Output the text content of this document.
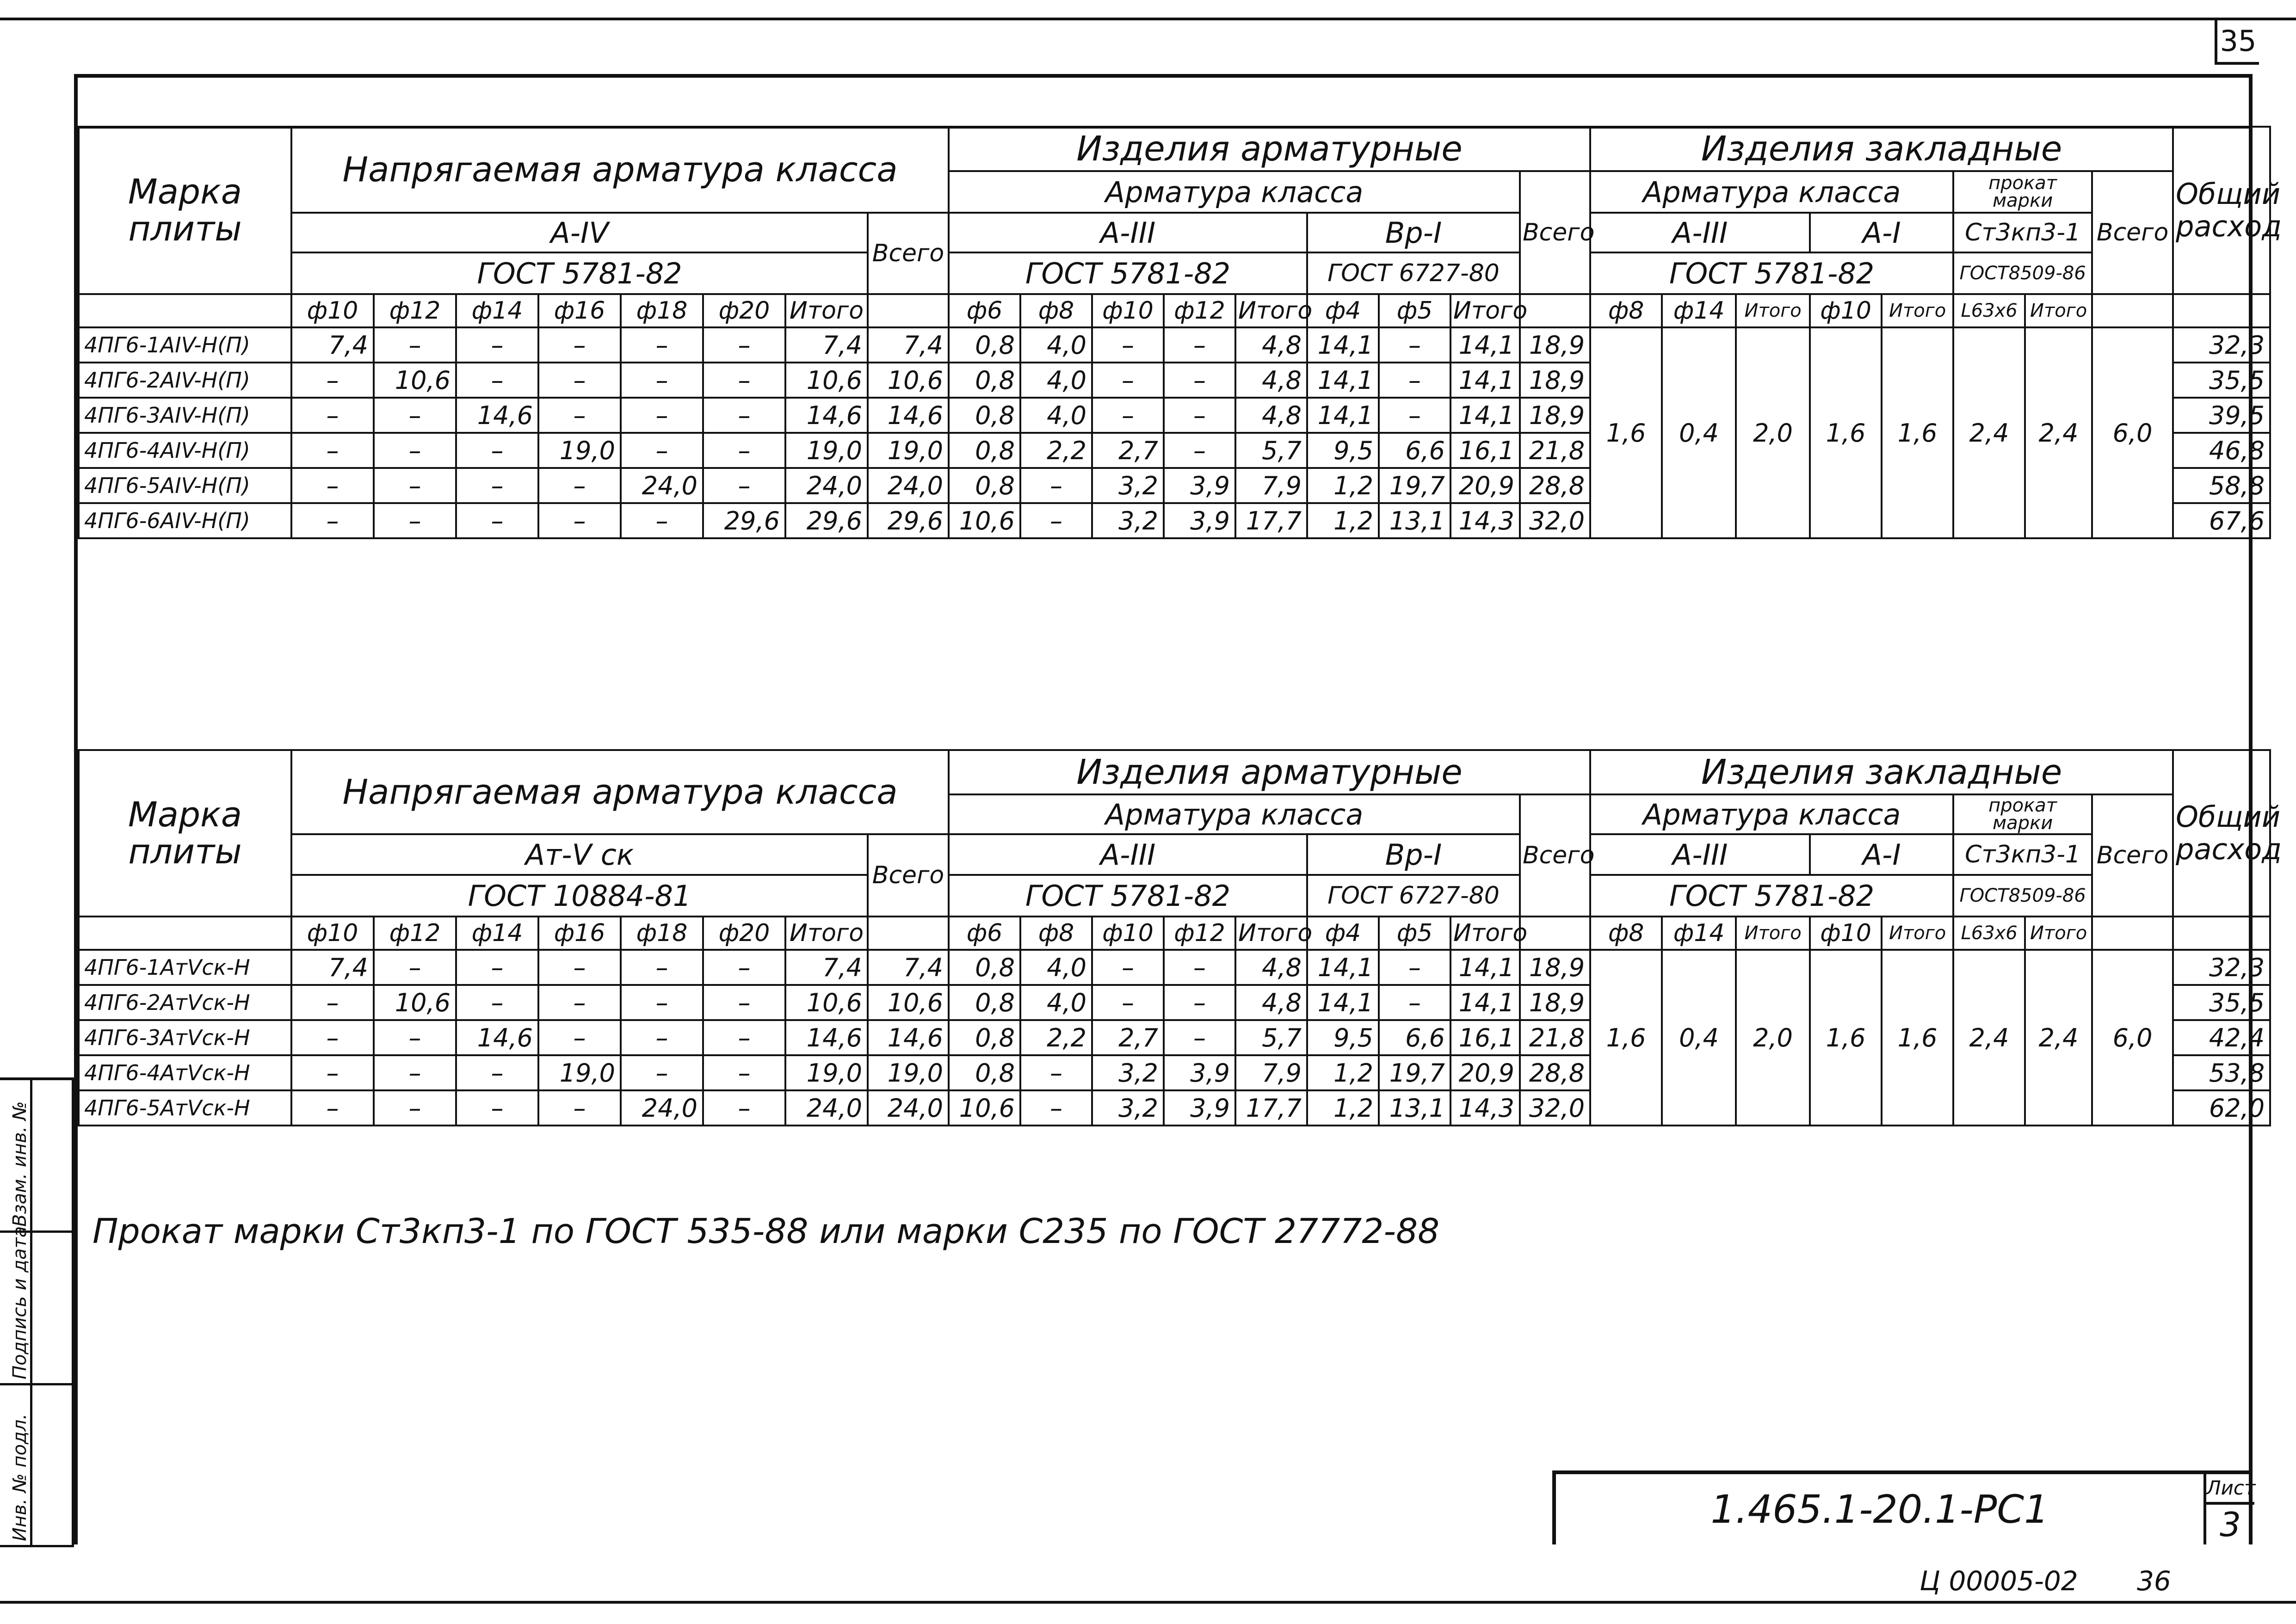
35
Марка плиты	Напрягаемая арматура класса								Изделия арматурные									Изделия закладные								Общий расход
									Арматура класса								Всего	Арматура класса					прокат марки		Всего	
	A-IV							Всего	A-III					Вр-I				A-III			A-I		Ст3кп3-1			
	ГОСТ 5781-82								ГОСТ 5781-82					ГОСТ 6727-80				ГОСТ 5781-82					ГОСТ8509-86			
	ф10	ф12	ф14	ф16	ф18	ф20	Итого		ф6	ф8	ф10	ф12	Итого	ф4	ф5	Итого		ф8	ф14	Итого	ф10	Итого	L63x6	Итого		
4ПГ6-1AIV-H(П)	7,4	–	–	–	–	–	7,4	7,4	0,8	4,0	–	–	4,8	14,1	–	14,1	18,9	1,6	0,4	2,0	1,6	1,6	2,4	2,4	6,0	32,3
4ПГ6-2AIV-H(П)	–	10,6	–	–	–	–	10,6	10,6	0,8	4,0	–	–	4,8	14,1	–	14,1	18,9									35,5
4ПГ6-3AIV-H(П)	–	–	14,6	–	–	–	14,6	14,6	0,8	4,0	–	–	4,8	14,1	–	14,1	18,9									39,5
4ПГ6-4AIV-H(П)	–	–	–	19,0	–	–	19,0	19,0	0,8	2,2	2,7	–	5,7	9,5	6,6	16,1	21,8									46,8
4ПГ6-5AIV-H(П)	–	–	–	–	24,0	–	24,0	24,0	0,8	–	3,2	3,9	7,9	1,2	19,7	20,9	28,8									58,8
4ПГ6-6AIV-H(П)	–	–	–	–	–	29,6	29,6	29,6	10,6	–	3,2	3,9	17,7	1,2	13,1	14,3	32,0									67,6
Марка плиты	Напрягаемая арматура класса								Изделия арматурные									Изделия закладные								Общий расход
									Арматура класса								Всего	Арматура класса					прокат марки		Всего	
	Aт-V ск							Всего	A-III					Вр-I				A-III			A-I		Ст3кп3-1			
	ГОСТ 10884-81								ГОСТ 5781-82					ГОСТ 6727-80				ГОСТ 5781-82					ГОСТ8509-86			
	ф10	ф12	ф14	ф16	ф18	ф20	Итого		ф6	ф8	ф10	ф12	Итого	ф4	ф5	Итого		ф8	ф14	Итого	ф10	Итого	L63x6	Итого		
4ПГ6-1AтVск-H	7,4	–	–	–	–	–	7,4	7,4	0,8	4,0	–	–	4,8	14,1	–	14,1	18,9	1,6	0,4	2,0	1,6	1,6	2,4	2,4	6,0	32,3
4ПГ6-2AтVск-H	–	10,6	–	–	–	–	10,6	10,6	0,8	4,0	–	–	4,8	14,1	–	14,1	18,9									35,5
4ПГ6-3AтVск-H	–	–	14,6	–	–	–	14,6	14,6	0,8	2,2	2,7	–	5,7	9,5	6,6	16,1	21,8									42,4
4ПГ6-4AтVск-H	–	–	–	19,0	–	–	19,0	19,0	0,8	–	3,2	3,9	7,9	1,2	19,7	20,9	28,8									53,8
4ПГ6-5AтVск-H	–	–	–	–	24,0	–	24,0	24,0	10,6	–	3,2	3,9	17,7	1,2	13,1	14,3	32,0									62,0
Прокат марки Ст3кп3-1 по ГОСТ 535-88 или марки С235 по ГОСТ 27772-88
Взам. инв. №
Подпись и дата
Инв. № подл.	1.465.1-20.1-РС1	Лист
3
Ц 00005-02 36
